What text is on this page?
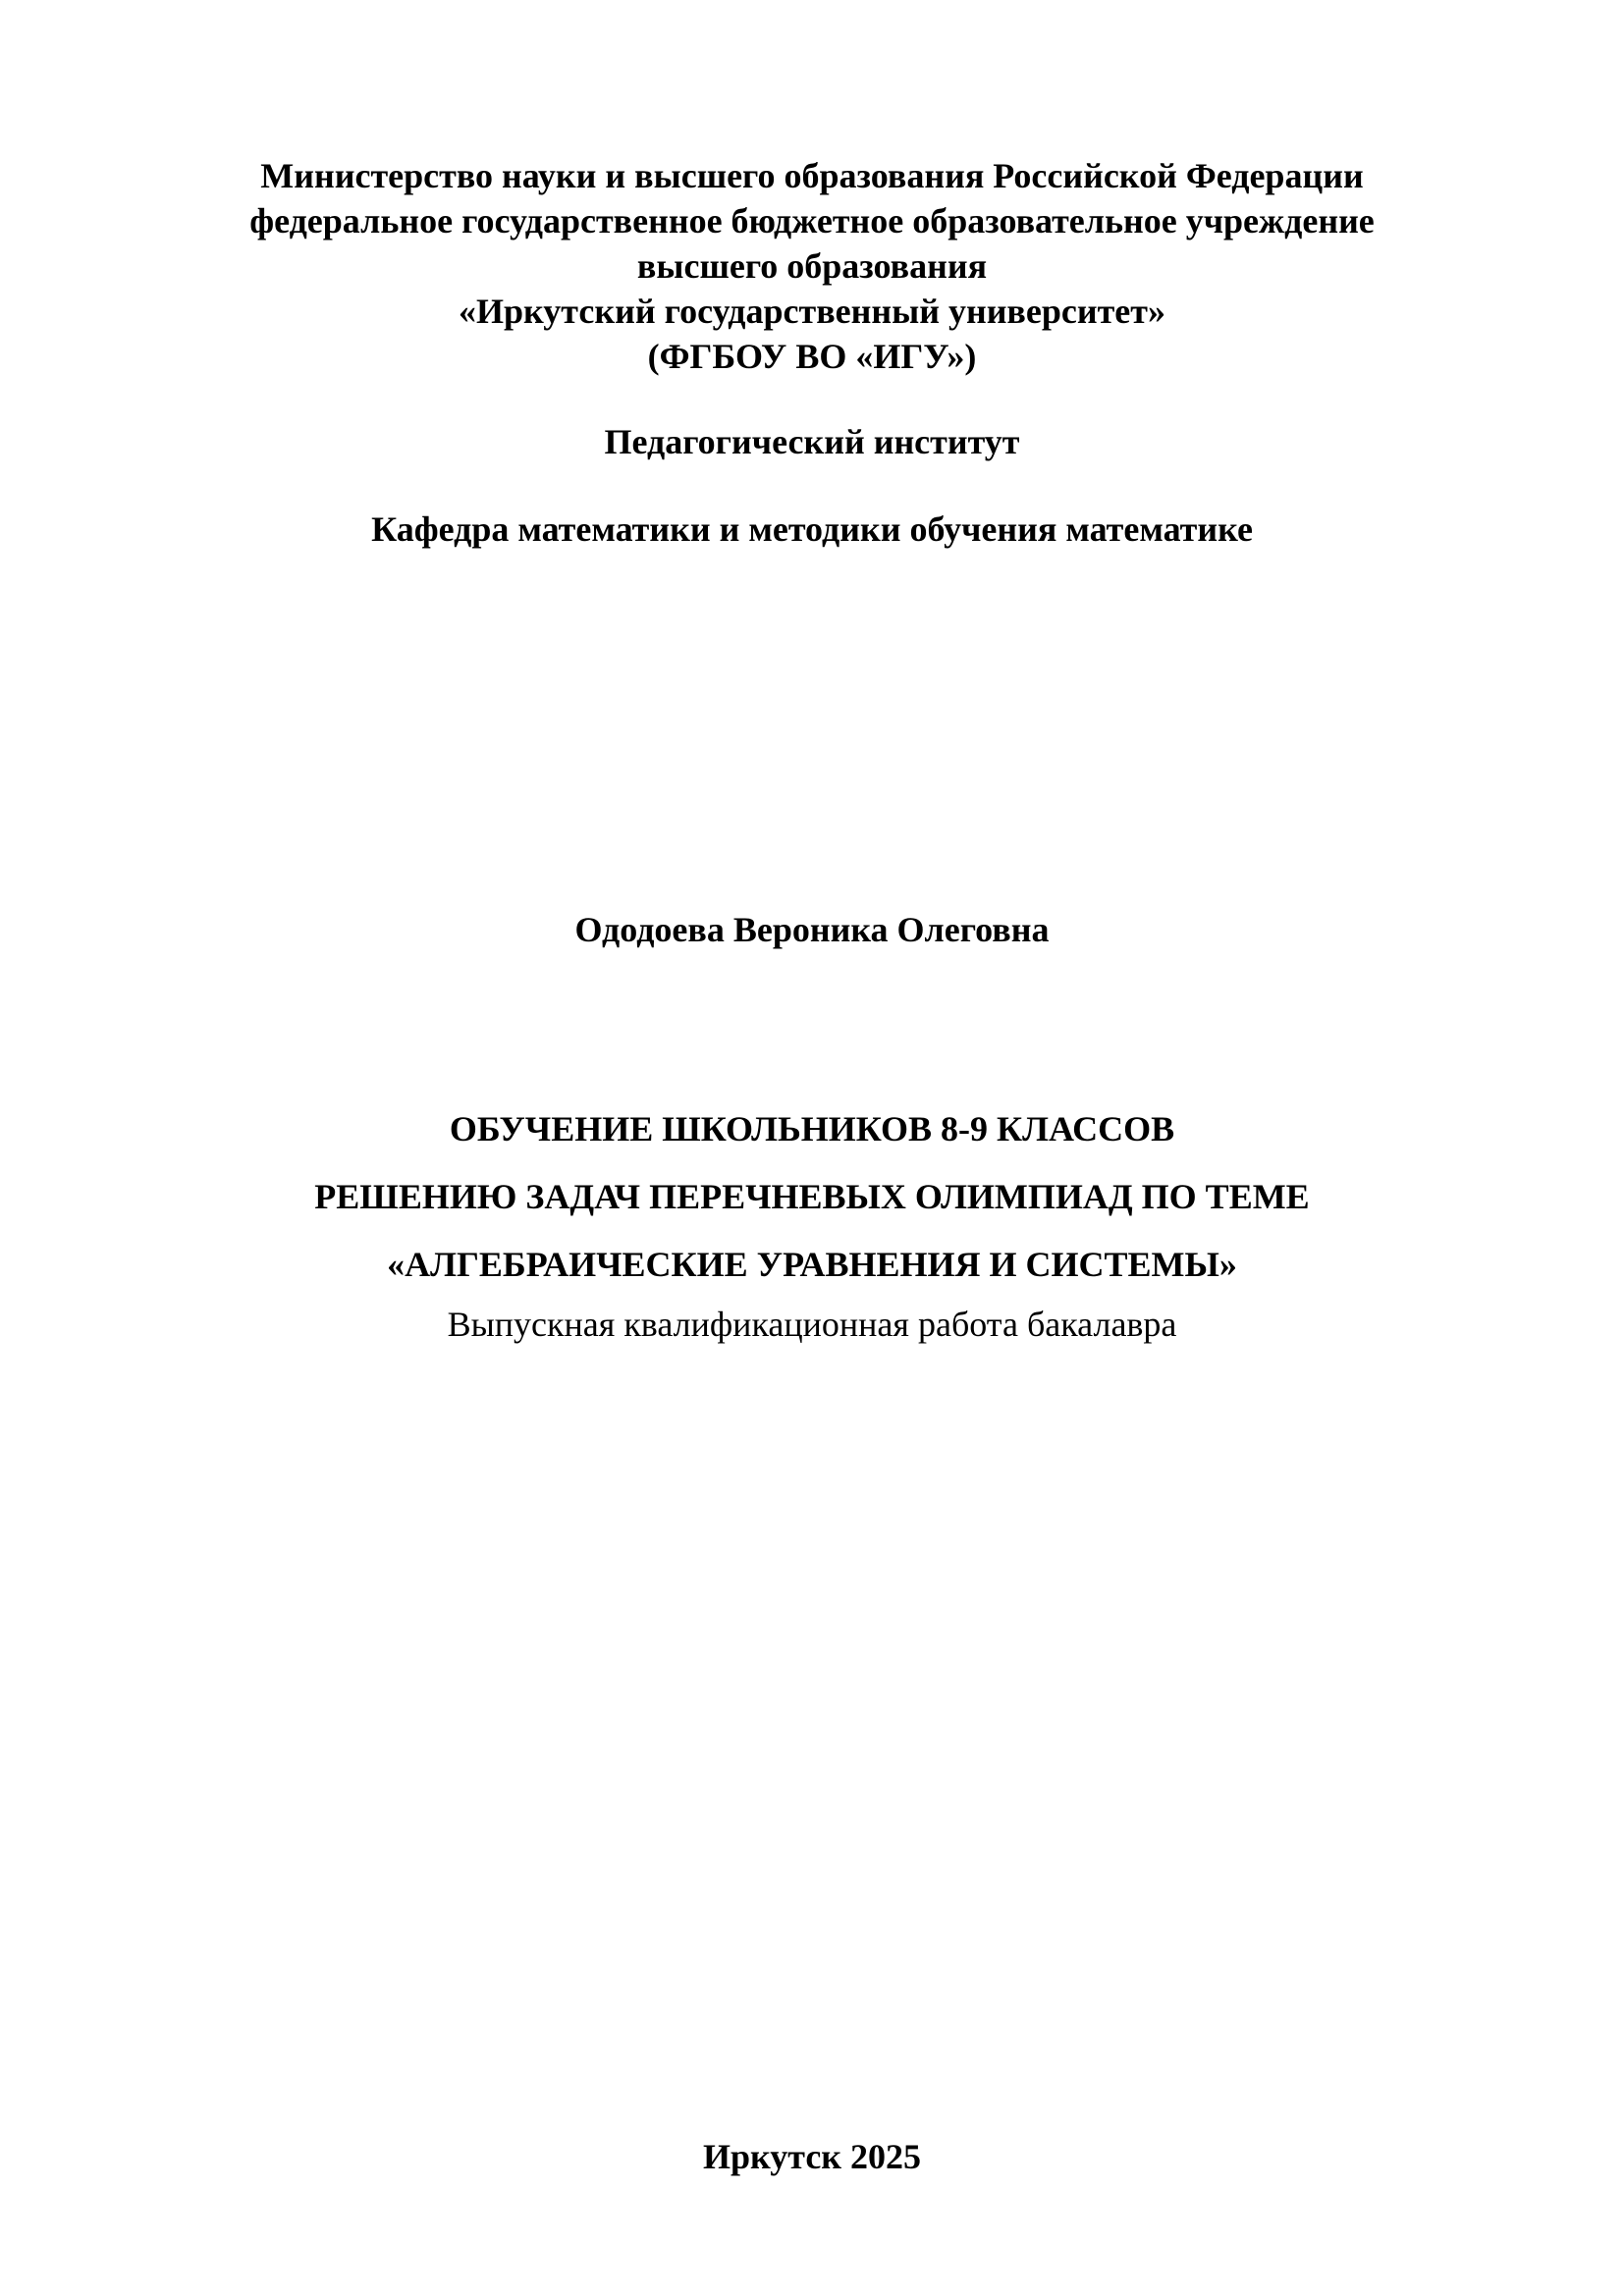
Министерство науки и высшего образования Российской Федерации
федеральное государственное бюджетное образовательное учреждение
высшего образования
«Иркутский государственный университет»
(ФГБОУ ВО «ИГУ»)
Педагогический институт
Кафедра математики и методики обучения математике
Ододоева Вероника Олеговна
ОБУЧЕНИЕ ШКОЛЬНИКОВ 8-9 КЛАССОВ
РЕШЕНИЮ ЗАДАЧ ПЕРЕЧНЕВЫХ ОЛИМПИАД ПО ТЕМЕ
«АЛГЕБРАИЧЕСКИЕ УРАВНЕНИЯ И СИСТЕМЫ»
Выпускная квалификационная работа бакалавра
Иркутск 2025
